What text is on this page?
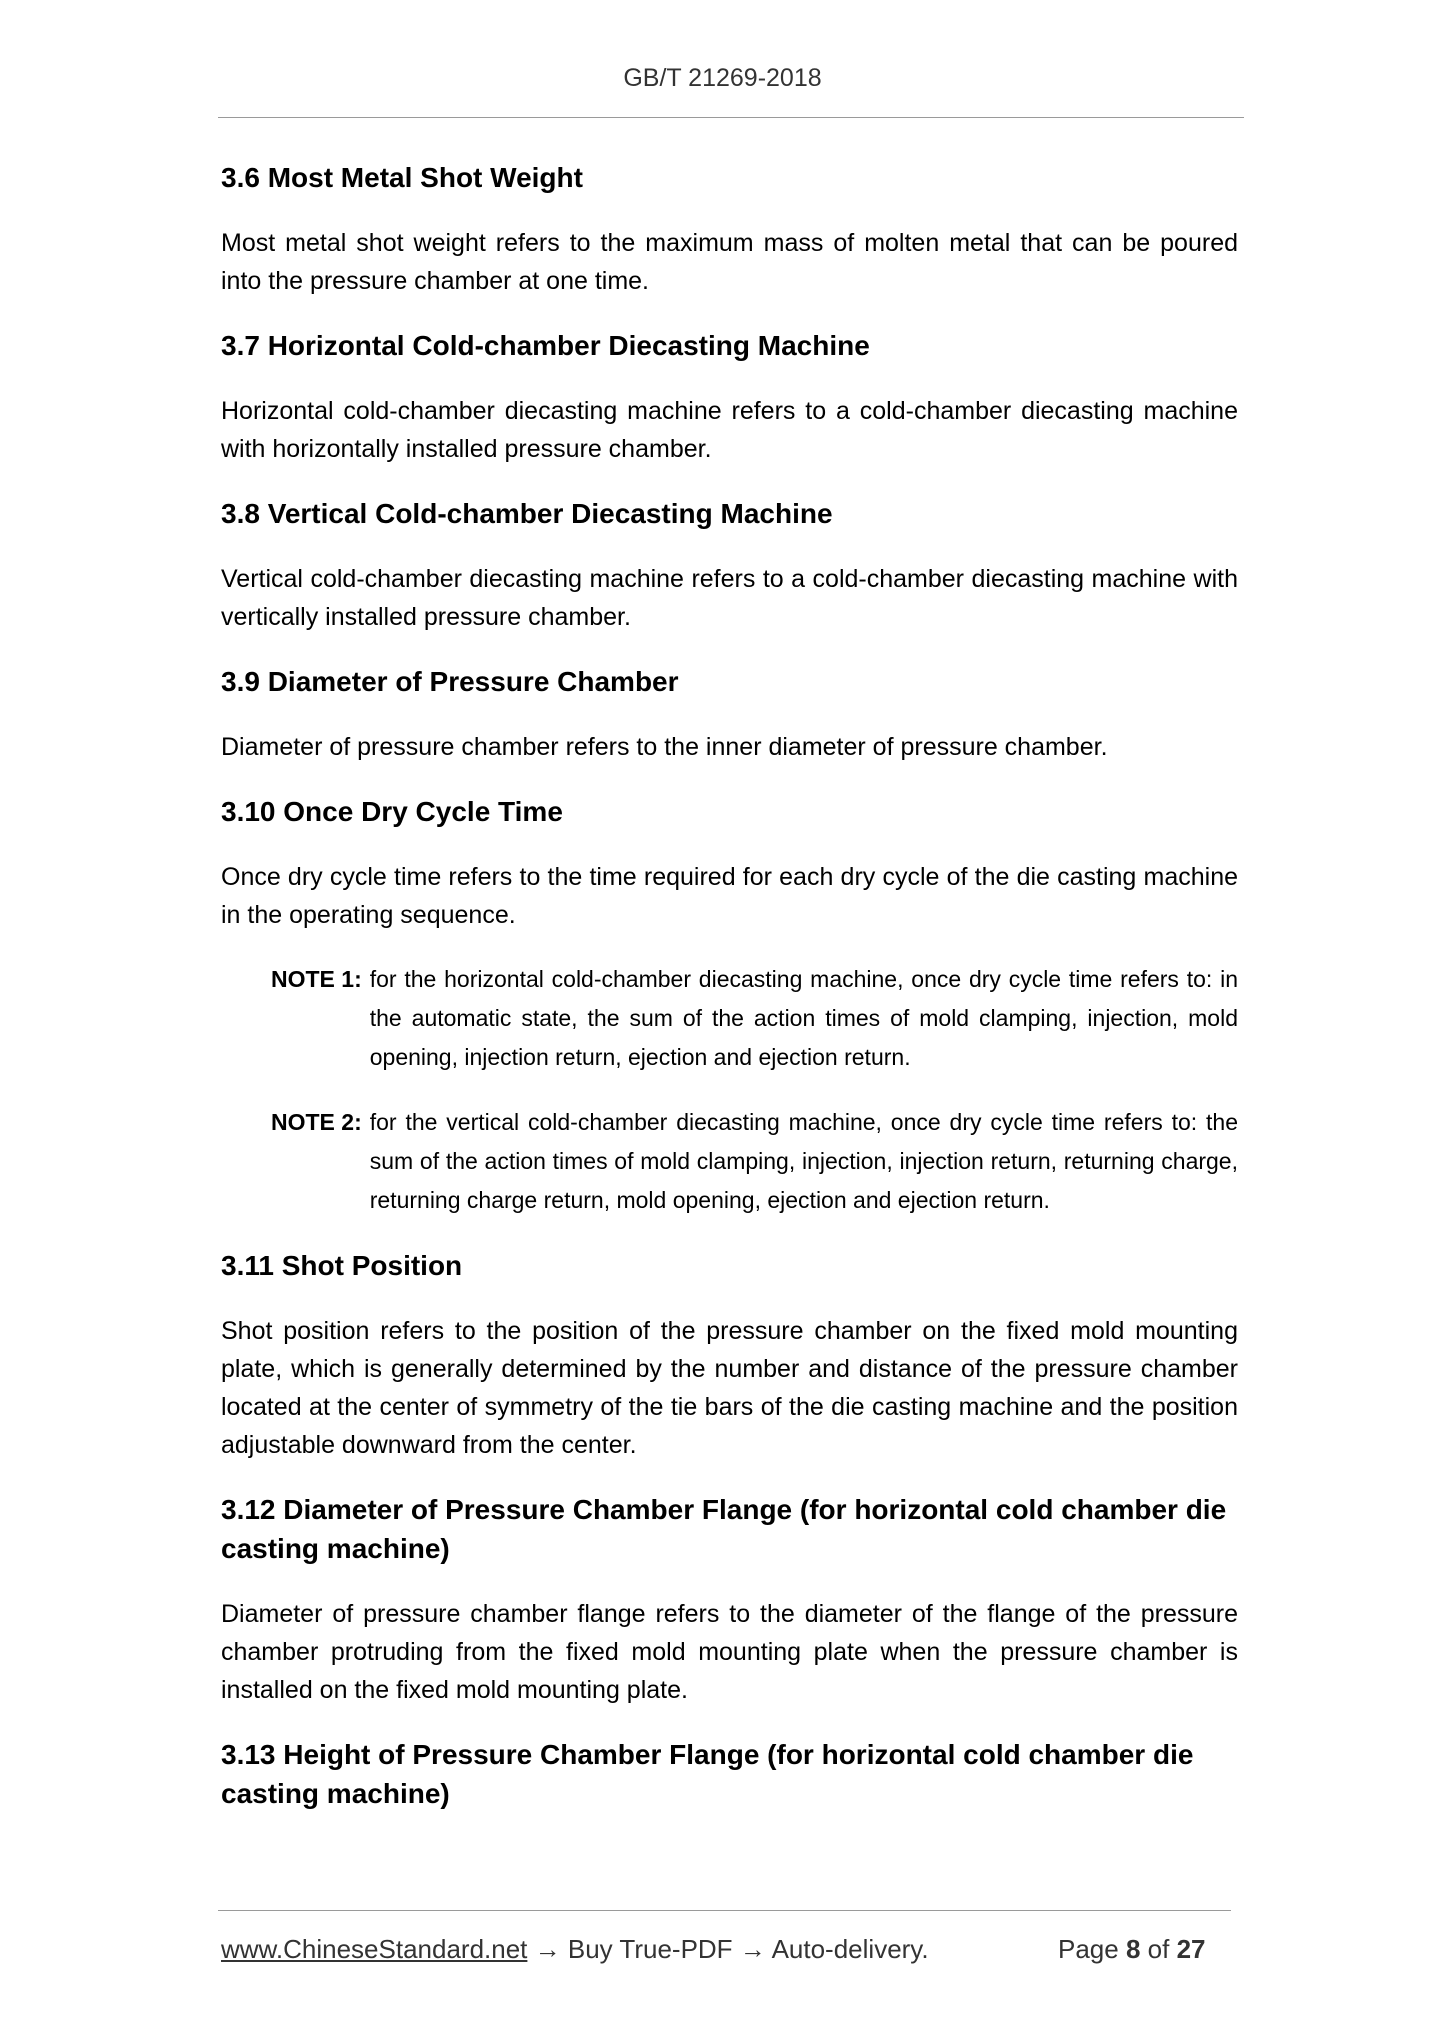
GB/T 21269-2018
3.6 Most Metal Shot Weight

Most metal shot weight refers to the maximum mass of molten metal that can be poured into the pressure chamber at one time.

3.7 Horizontal Cold-chamber Diecasting Machine

Horizontal cold-chamber diecasting machine refers to a cold-chamber diecasting machine with horizontally installed pressure chamber.

3.8 Vertical Cold-chamber Diecasting Machine

Vertical cold-chamber diecasting machine refers to a cold-chamber diecasting machine with vertically installed pressure chamber.

3.9 Diameter of Pressure Chamber

Diameter of pressure chamber refers to the inner diameter of pressure chamber.

3.10 Once Dry Cycle Time

Once dry cycle time refers to the time required for each dry cycle of the die casting machine in the operating sequence.

NOTE 1: for the horizontal cold-chamber diecasting machine, once dry cycle time refers to: in the automatic state, the sum of the action times of mold clamping, injection, mold opening, injection return, ejection and ejection return.
NOTE 2: for the vertical cold-chamber diecasting machine, once dry cycle time refers to: the sum of the action times of mold clamping, injection, injection return, returning charge, returning charge return, mold opening, ejection and ejection return.
3.11 Shot Position

Shot position refers to the position of the pressure chamber on the fixed mold mounting plate, which is generally determined by the number and distance of the pressure chamber located at the center of symmetry of the tie bars of the die casting machine and the position adjustable downward from the center.

3.12 Diameter of Pressure Chamber Flange (for horizontal cold chamber die casting machine)

Diameter of pressure chamber flange refers to the diameter of the flange of the pressure chamber protruding from the fixed mold mounting plate when the pressure chamber is installed on the fixed mold mounting plate.

3.13 Height of Pressure Chamber Flange (for horizontal cold chamber die casting machine)
www.ChineseStandard.net → Buy True-PDF → Auto-delivery.	Page 8 of 27
